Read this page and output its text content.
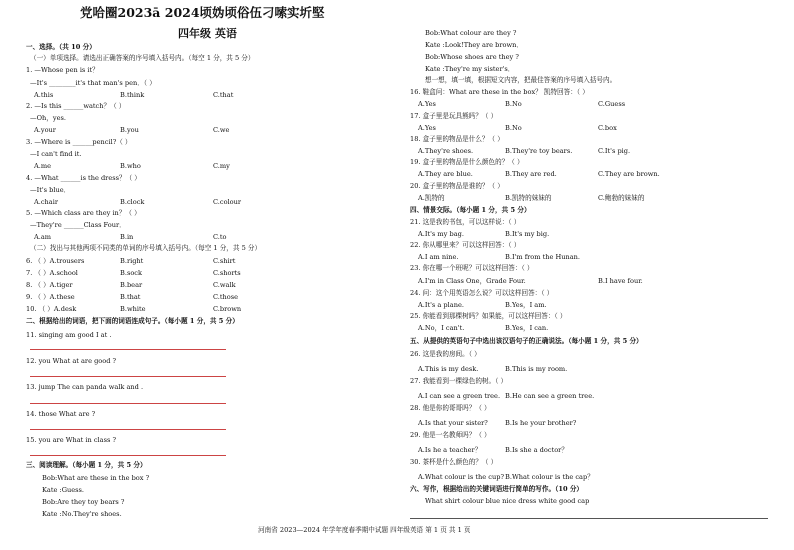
党哈圈2023ā 2024顷妫顷俗伍刁嗦实圻堅
四年级 英语
一、选择。（共 10 分）
（一）单项选择。请选出正确答案的序号填入括号内。（每空 1 分，共 5 分）
1. —Whose pen is it？
—It's ________it's that man's pen．（ ）
A.this	B.think	C.that
2. —Is this ______watch？（ ）
—Oh，yes.
A.your	B.you	C.we
3. —Where is ______pencil?（ ）
—I can't find it.
A.me	B.who	C.my
4. —What ______is the dress？（ ）
—It's blue．
A.chair	B.clock	C.colour
5. —Which class are they in？（ ）
—They're ______Class Four．
A.am	B.in	C.to
（二）找出与其他两项不同类的单词的序号填入括号内。（每空 1 分，共 5 分）
6. （ ）A.trousers	B.right	C.shirt
7. （ ）A.school	B.sock	C.shorts
8. （ ）A.tiger	B.bear	C.walk
9. （ ）A.these	B.that	C.those
10. （ ）A.desk	B.white	C.brown
二、根据给出的词语，把下面的词语连成句子。（每小题 1 分，共 5 分）
11. singing am good I at .
12. you What at are good ?
13. jump The can panda walk and .
14. those What are ?
15. you are What in class ?
三、阅读理解。（每小题 1 分，共 5 分）
Bob:What are these in the box ?
Kate :Guess.
Bob:Are they toy bears ?
Kate :No.They're shoes.
Bob:What colour are they ?
Kate :Look!They are brown．
Bob:Whose shoes are they ?
Kate :They're my sister's．
想一想，填一填，根据短文内容，把最佳答案的序号填入括号内。
16. 鞋盒问：What are these in the box？ 凯特回答：（ ）
A.Yes	B.No	C.Guess
17. 盒子里是玩具熊吗？（ ）
A.Yes	B.No	C.box
18. 盒子里的物品是什么？（ ）
A.They're shoes.	B.They're toy bears.	C.It's pig.
19. 盒子里的物品是什么颜色的？（ ）
A.They are blue.	B.They are red.	C.They are brown.
20. 盒子里的物品是谁的？（ ）
A.凯特的	B.凯特的妹妹的	C.鲍勃的妹妹的
四、情景交际。（每小题 1 分，共 5 分）
21. 这是我的书包，可以这样说：（ ）
A.It's my bag.	B.It's my big.
22. 你从哪里来？可以这样回答：（ ）
A.I am nine.	B.I'm from the Hunan.
23. 你在哪一个班呢？可以这样回答：（ ）
A.I'm in Class One，Grade Four.	B.I have four.
24. 问：这个用英语怎么说？可以这样回答：（ ）
A.It's a plane.	B.Yes，I am.
25. 你能看到那棵树吗？如果能，可以这样回答：（ ）
A.No，I can't.	B.Yes，I can.
五、从提供的英语句子中选出该汉语句子的正确说法。（每小题 1 分，共 5 分）
26. 这是我的房间。（ ）
A.This is my desk.	B.This is my room.
27. 我能看到一棵绿色的树。（ ）
A.I can see a green tree. B.He can see a green tree.
28. 他是你的哥哥吗？（ ）
A.Is that your sister?	B.Is he your brother?
29. 他是一名教师吗？（ ）
A.Is he a teacher？	B.Is she a doctor？
30. 茶杯是什么颜色的？（ ）
A.What colour is the cup? B.What colour is the cap？
六、写作，根据给出的关键词语进行简单的写作。（10 分）
What shirt colour blue nice dress white good cap
河南省 2023—2024 年学年度春季期中试题 四年级英语 第 1 页 共 1 页
